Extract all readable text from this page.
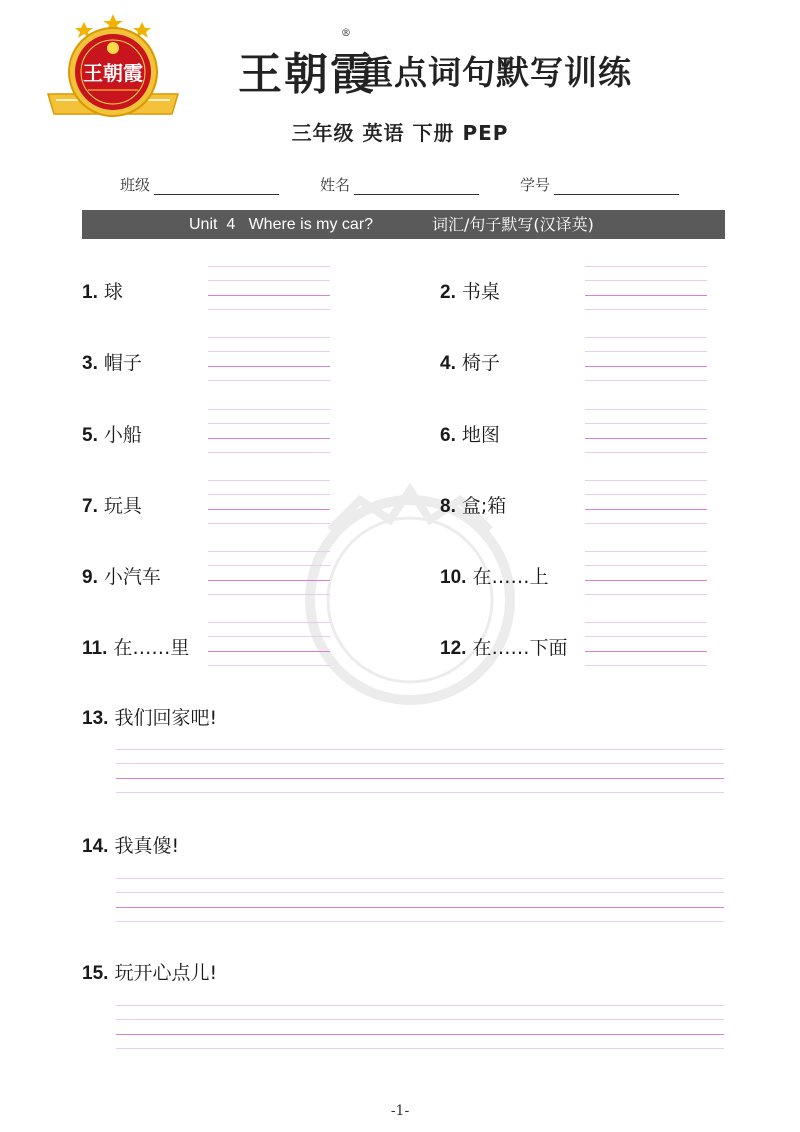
王朝霞 王朝霞
®
重点词句默写训练
三年级 英语 下册 PEP
班级	姓名	学号
Unit  4   Where is my car?	词汇/句子默写(汉译英)
1. 球	2. 书桌
3. 帽子	4. 椅子
5. 小船	6. 地图
7. 玩具	8. 盒;箱
9. 小汽车	10. 在……上
11. 在……里	12. 在……下面
13. 我们回家吧!
14. 我真傻!
15. 玩开心点儿!
-1-
